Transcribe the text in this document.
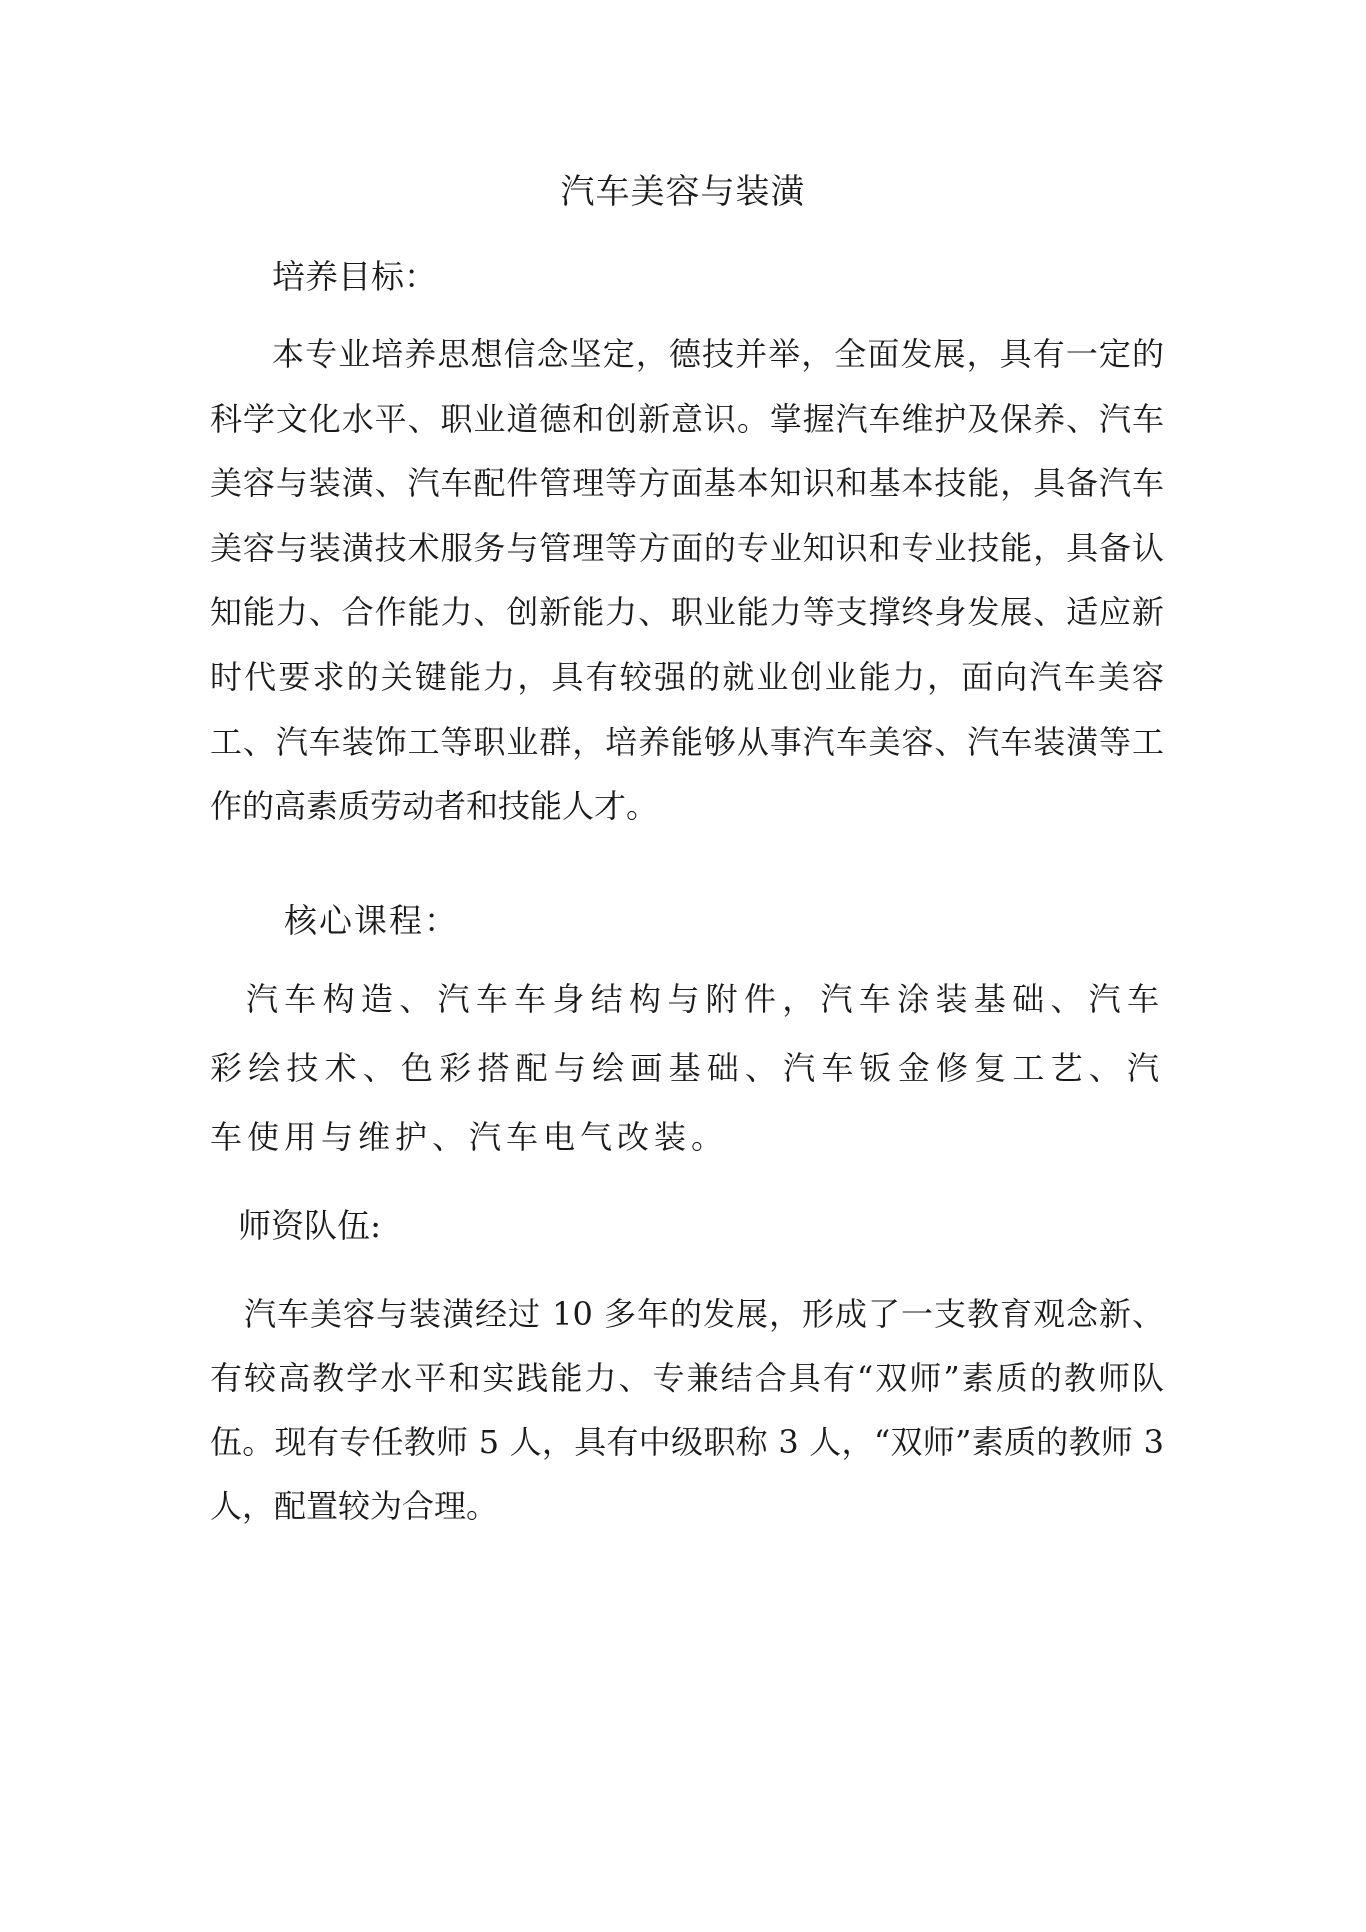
汽车美容与装潢
培养目标：

本专业培养思想信念坚定，德技并举，全面发展，具有一定的科学文化水平、职业道德和创新意识。掌握汽车维护及保养、汽车美容与装潢、汽车配件管理等方面基本知识和基本技能，具备汽车美容与装潢技术服务与管理等方面的专业知识和专业技能，具备认知能力、合作能力、创新能力、职业能力等支撑终身发展、适应新时代要求的关键能力，具有较强的就业创业能力，面向汽车美容工、汽车装饰工等职业群，培养能够从事汽车美容、汽车装潢等工作的高素质劳动者和技能人才。

核心课程：

汽车构造、汽车车身结构与附件，汽车涂装基础、汽车彩绘技术、色彩搭配与绘画基础、汽车钣金修复工艺、汽车使用与维护、汽车电气改装。

师资队伍:

汽车美容与装潢经过 10 多年的发展，形成了一支教育观念新、有较高教学水平和实践能力、专兼结合具有“双师”素质的教师队伍。现有专任教师 5 人，具有中级职称 3 人，“双师”素质的教师 3 人，配置较为合理。
